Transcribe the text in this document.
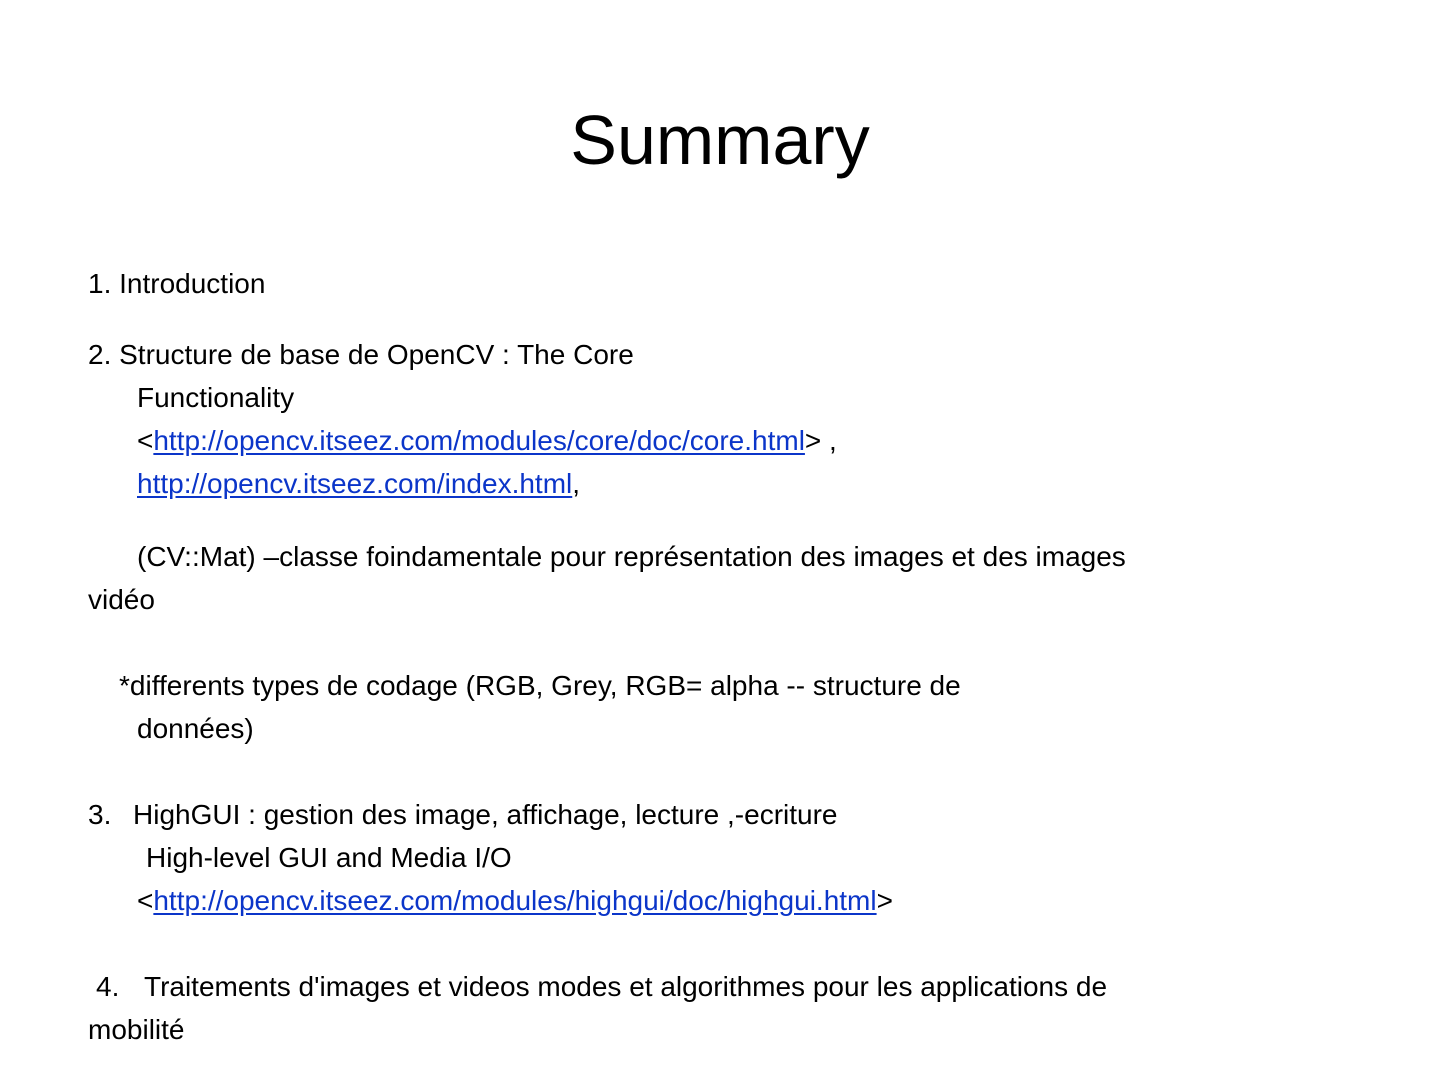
Summary
1. Introduction
2. Structure de base de OpenCV : The Core
Functionality
<http://opencv.itseez.com/modules/core/doc/core.html> ,
http://opencv.itseez.com/index.html,
(CV::Mat) –classe foindamentale pour représentation des images et des images
vidéo
*differents types de codage (RGB, Grey, RGB= alpha -- structure de
données)
3. HighGUI : gestion des image, affichage, lecture ,-ecriture
High-level GUI and Media I/O
<http://opencv.itseez.com/modules/highgui/doc/highgui.html>
4. Traitements d'images et videos modes et algorithmes pour les applications de
mobilité
